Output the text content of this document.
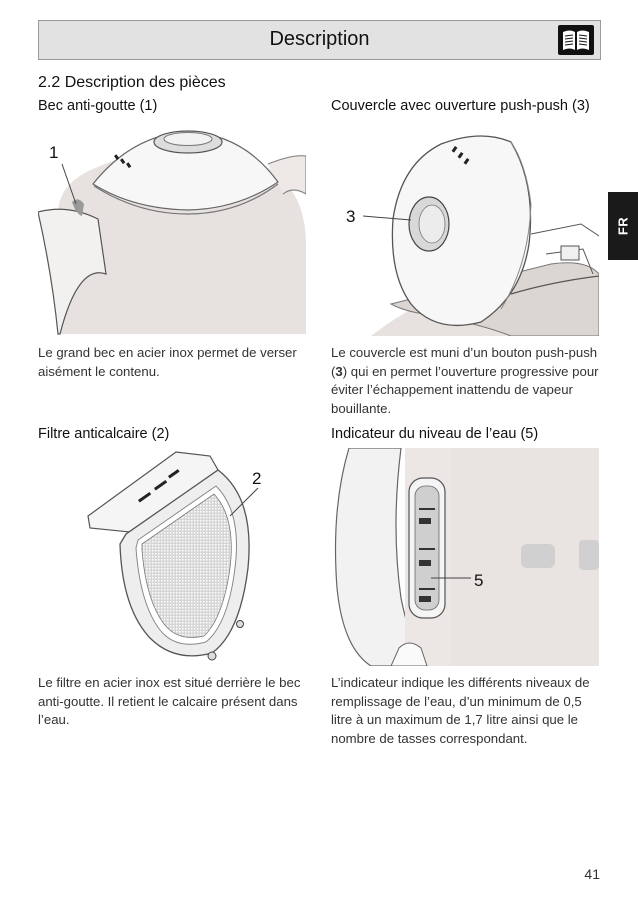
Description
2.2 Description des pièces
Bec anti-goutte (1)
1
Le grand bec en acier inox permet de verser aisément le contenu.
Couvercle avec ouverture push-push (3)
3
Le couvercle est muni d’un bouton push-push (3) qui en permet l’ouverture progressive pour éviter l’échappement inattendu de vapeur bouillante.
Filtre anticalcaire (2)
2
Le filtre en acier inox est situé derrière le bec anti-goutte. Il retient le calcaire présent dans l’eau.
Indicateur du niveau de l’eau (5)
5
L’indicateur indique les différents niveaux de remplissage de l’eau, d’un minimum de 0,5 litre à un maximum de 1,7 litre ainsi que le nombre de tasses correspondant.
FR
41
